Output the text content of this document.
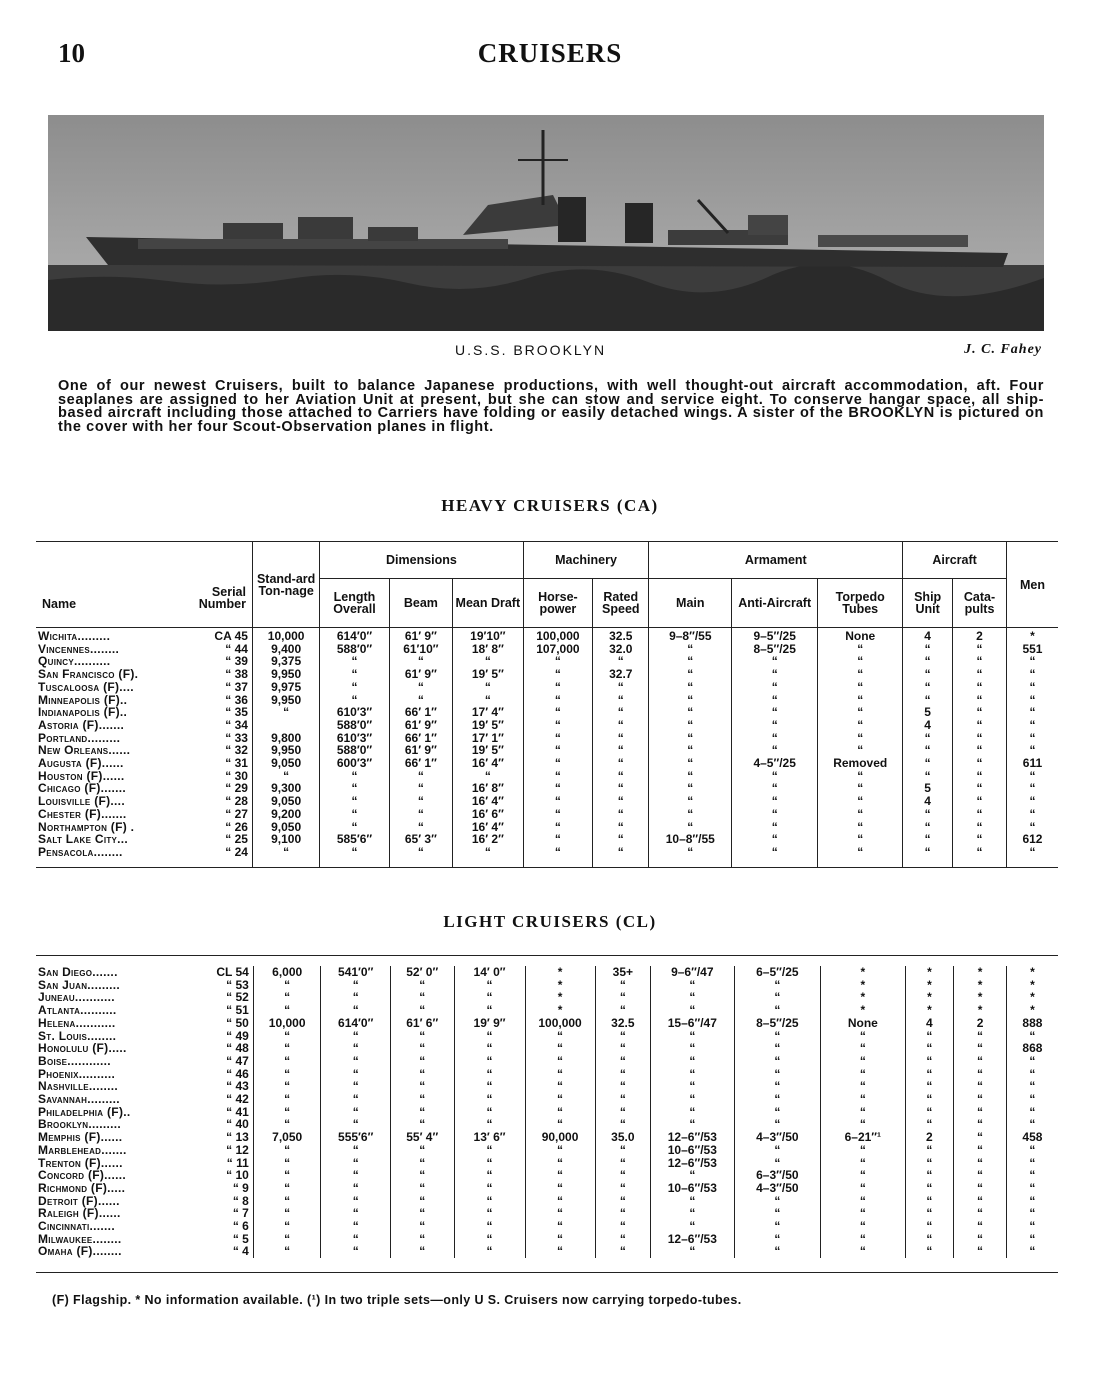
10	CRUISERS
U.S.S. BROOKLYN	J. C. Fahey
One of our newest Cruisers, built to balance Japanese productions, with well thought-out aircraft accommodation, aft. Four seaplanes are assigned to her Aviation Unit at present, but she can stow and service eight. To conserve hangar space, all ship-based aircraft including those attached to Carriers have folding or easily detached wings. A sister of the BROOKLYN is pictured on the cover with her four Scout-Observation planes in flight.
HEAVY CRUISERS (CA)
Name
Serial Number		Stand-ard Ton-nage	Dimensions			Machinery		Armament			Aircraft		Men
			Length Overall	Beam	Mean Draft	Horse-power	Rated Speed	Main	Anti-Aircraft	Torpedo Tubes	Ship Unit	Cata-pults	
Wichita.........	CA 45	10,000	614′0″	61′ 9″	19′10″	100,000	32.5	9–8″/55	9–5″/25	None	4	2	*
Vincennes........	“ 44	9,400	588′0″	61′10″	18′ 8″	107,000	32.0	“	8–5″/25	“	“	“	551
Quincy..........	“ 39	9,375	“	“	“	“	“	“	“	“	“	“	“
San Francisco (F).	“ 38	9,950	“	61′ 9″	19′ 5″	“	32.7	“	“	“	“	“	“
Tuscaloosa (F)....	“ 37	9,975	“	“	“	“	“	“	“	“	“	“	“
Minneapolis (F)..	“ 36	9,950	“	“	“	“	“	“	“	“	“	“	“
Indianapolis (F)..	“ 35	“	610′3″	66′ 1″	17′ 4″	“	“	“	“	“	5	“	“
Astoria (F).......	“ 34		588′0″	61′ 9″	19′ 5″	“	“	“	“	“	4	“	“
Portland.........	“ 33	9,800	610′3″	66′ 1″	17′ 1″	“	“	“	“	“	“	“	“
New Orleans......	“ 32	9,950	588′0″	61′ 9″	19′ 5″	“	“	“	“	“	“	“	“
Augusta (F)......	“ 31	9,050	600′3″	66′ 1″	16′ 4″	“	“	“	4–5″/25	Removed	“	“	611
Houston (F)......	“ 30	“	“	“	“	“	“	“	“	“	“	“	“
Chicago (F).......	“ 29	9,300	“	“	16′ 8″	“	“	“	“	“	5	“	“
Louisville (F)....	“ 28	9,050	“	“	16′ 4″	“	“	“	“	“	4	“	“
Chester (F).......	“ 27	9,200	“	“	16′ 6″	“	“	“	“	“	“	“	“
Northampton (F) .	“ 26	9,050	“	“	16′ 4″	“	“	“	“	“	“	“	“
Salt Lake City...	“ 25	9,100	585′6″	65′ 3″	16′ 2″	“	“	10–8″/55	“	“	“	“	612
Pensacola........	“ 24	“	“	“	“	“	“	“	“	“	“	“	“
LIGHT CRUISERS (CL)

San Diego.......	CL 54	6,000	541′0″	52′ 0″	14′ 0″	*	35+	9–6″/47	6–5″/25	*	*	*	*
San Juan.........	“ 53	“	“	“	“	*	“	“	“	*	*	*	*
Juneau...........	“ 52	“	“	“	“	*	“	“	“	*	*	*	*
Atlanta..........	“ 51	“	“	“	“	*	“	“	“	*	*	*	*
Helena...........	“ 50	10,000	614′0″	61′ 6″	19′ 9″	100,000	32.5	15–6″/47	8–5″/25	None	4	2	888
St. Louis........	“ 49	“	“	“	“	“	“	“	“	“	“	“	“
Honolulu (F).....	“ 48	“	“	“	“	“	“	“	“	“	“	“	868
Boise............	“ 47	“	“	“	“	“	“	“	“	“	“	“	“
Phoenix..........	“ 46	“	“	“	“	“	“	“	“	“	“	“	“
Nashville........	“ 43	“	“	“	“	“	“	“	“	“	“	“	“
Savannah.........	“ 42	“	“	“	“	“	“	“	“	“	“	“	“
Philadelphia (F)..	“ 41	“	“	“	“	“	“	“	“	“	“	“	“
Brooklyn.........	“ 40	“	“	“	“	“	“	“	“	“	“	“	“
Memphis (F)......	“ 13	7,050	555′6″	55′ 4″	13′ 6″	90,000	35.0	12–6″/53	4–3″/50	6–21″¹	2	“	458
Marblehead.......	“ 12	“	“	“	“	“	“	10–6″/53	“	“	“	“	“
Trenton (F)......	“ 11	“	“	“	“	“	“	12–6″/53	“	“	“	“	“
Concord (F)......	“ 10	“	“	“	“	“	“	“	6–3″/50	“	“	“	“
Richmond (F).....	“ 9	“	“	“	“	“	“	10–6″/53	4–3″/50	“	“	“	“
Detroit (F)......	“ 8	“	“	“	“	“	“	“	“	“	“	“	“
Raleigh (F)......	“ 7	“	“	“	“	“	“	“	“	“	“	“	“
Cincinnati.......	“ 6	“	“	“	“	“	“	“	“	“	“	“	“
Milwaukee........	“ 5	“	“	“	“	“	“	12–6″/53	“	“	“	“	“
Omaha (F)........	“ 4	“	“	“	“	“	“	“	“	“	“	“	“

(F) Flagship. * No information available. (¹) In two triple sets—only U S. Cruisers now carrying torpedo-tubes.
